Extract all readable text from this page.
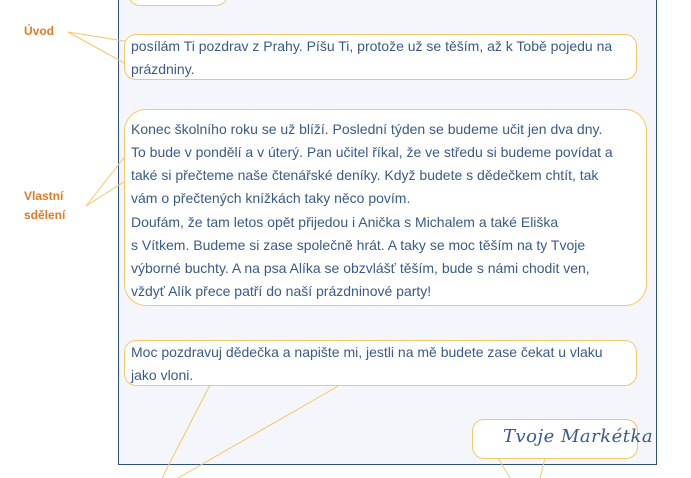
Úvod
Vlastní
sdělení

posílám Ti pozdrav z Prahy. Píšu Ti, protože už se těším, až k Tobě pojedu na
prázdniny.

Konec školního roku se už blíží. Poslední týden se budeme učit jen dva dny.
To bude v pondělí a v úterý. Pan učitel říkal, že ve středu si budeme povídat a
také si přečteme naše čtenářské deníky. Když budete s dědečkem chtít, tak
vám o přečtených knížkách taky něco povím.

Doufám, že tam letos opět přijedou i Anička s Michalem a také Eliška
s Vítkem. Budeme si zase společně hrát. A taky se moc těším na ty Tvoje
výborné buchty. A na psa Alíka se obzvlášť těším, bude s námi chodit ven,
vždyť Alík přece patří do naší prázdninové party!

Moc pozdravuj dědečka a napište mi, jestli na mě budete zase čekat u vlaku
jako vloni.

Tvoje Markétka
